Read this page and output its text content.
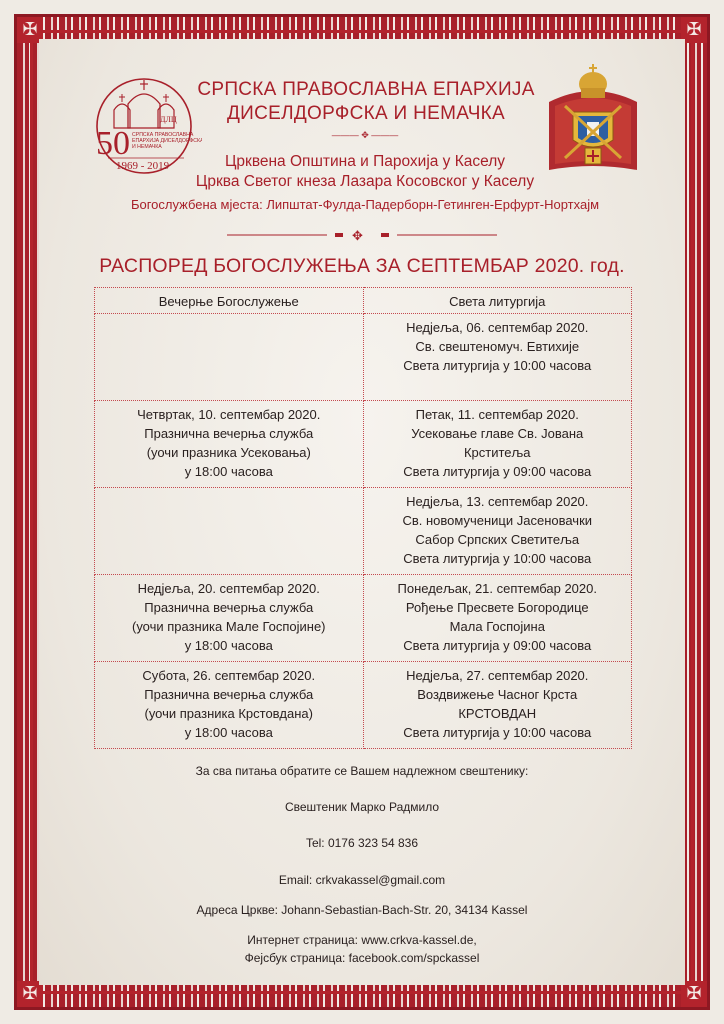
✠	✠
✠	✠
50
ДЛЦ
СРПСКА ПРАВОСЛАВНА
ЕПАРХИЈА ДИСЕЛДОРФСКА
И НЕМАЧКА
1969 - 2019
СРПСКА ПРАВОСЛАВНА ЕПАРХИЈА
ДИСЕЛДОРФСКА И НЕМАЧКА
——— ✥ ———
Црквена Општина и Парохија у Каселу
Црква Светог кнеза Лазара Косовског у Каселу
Богослужбена мјеста: Липштат-Фулда-Падерборн-Гетинген-Ерфурт-Нортхајм
✥
РАСПОРЕД БОГОСЛУЖЕЊА ЗА СЕПТЕМБАР 2020. год.
Вечерње Богослужење	Света литургија

	Недјеља, 06. септембар 2020.
Св. свештеномуч. Евтихије
Света литургија у 10:00 часова

Четвртак, 10. септембар 2020.
Празнична вечерња служба
(уочи празника Усековања)
у 18:00 часова	Петак, 11. септембар 2020.
Усековање главе Св. Јована
Крститеља
Света литургија у 09:00 часова

	Недјеља, 13. септембар 2020.
Св. новомученици Јасеновачки
Сабор Српских Светитеља
Света литургија у 10:00 часова

Недјеља, 20. септембар 2020.
Празнична вечерња служба
(уочи празника Мале Госпојине)
у 18:00 часова	Понедељак, 21. септембар 2020.
Рођење Пресвете Богородице
Мала Госпојина
Света литургија у 09:00 часова

Субота, 26. септембар 2020.
Празнична вечерња служба
(уочи празника Крстовдана)
у 18:00 часова	Недјеља, 27. септембар 2020.
Воздвижење Часног Крста
КРСТОВДАН
Света литургија у 10:00 часова
За сва питања обратите се Вашем надлежном свештенику:
Свештеник Марко Радмило
Tel: 0176 323 54 836
Email: crkvakassel@gmail.com
Адреса Цркве: Johann-Sebastian-Bach-Str. 20, 34134 Kassel
Интернет страница: www.crkva-kassel.de,
Фејсбук страница: facebook.com/spckassel
